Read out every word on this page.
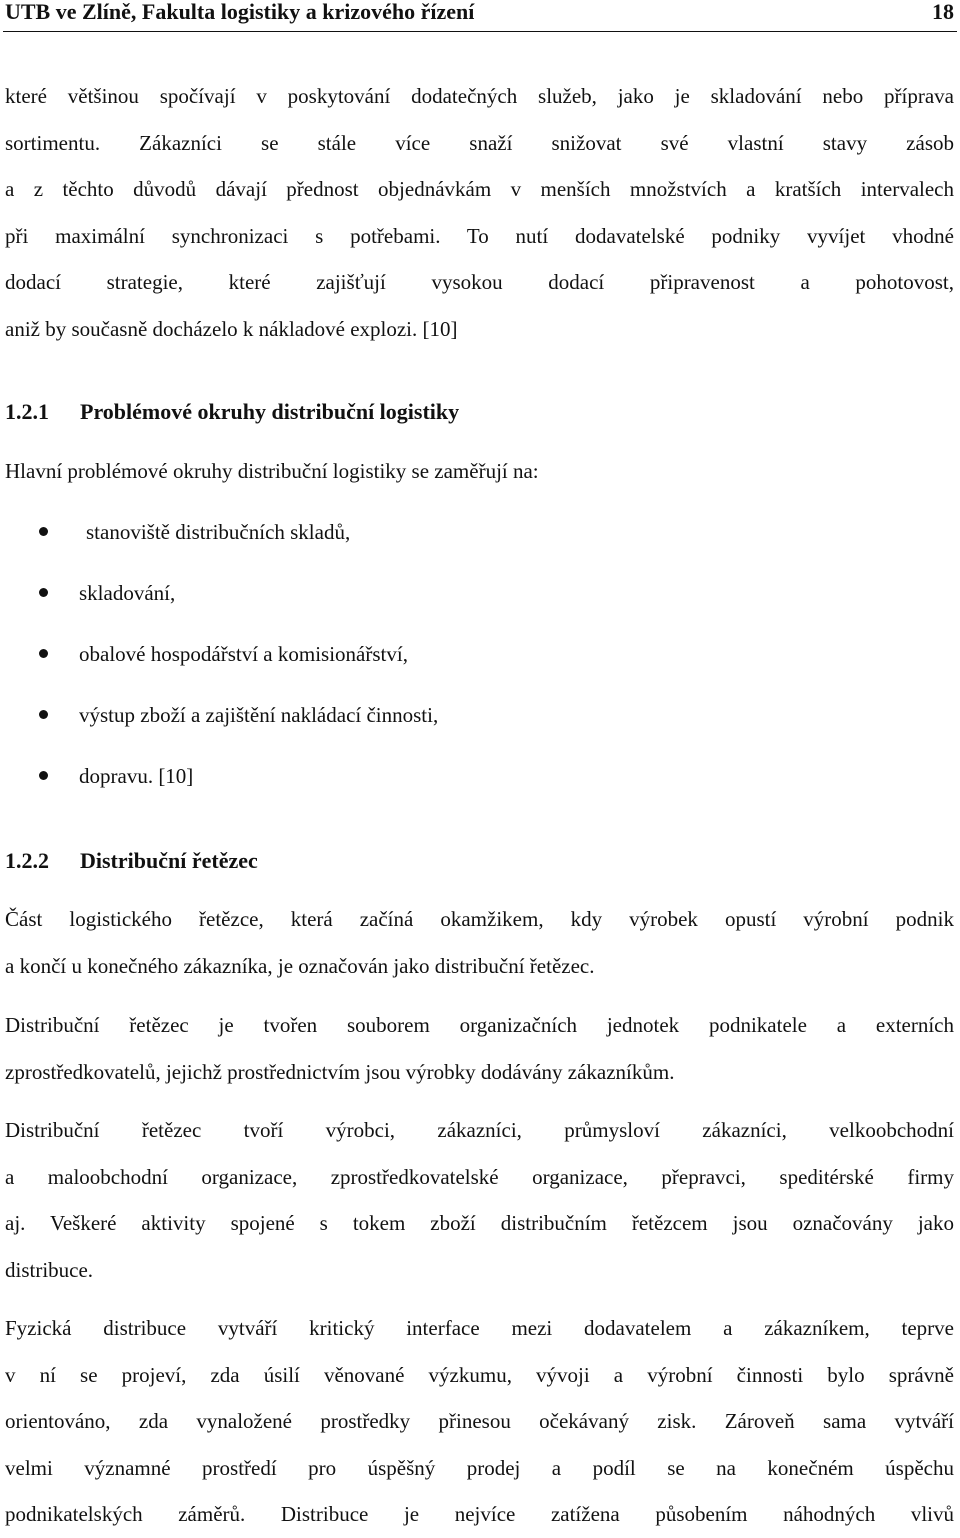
UTB ve Zlíně, Fakulta logistiky a krizového řízení	18
které většinou spočívají v poskytování dodatečných služeb, jako je skladování nebo příprava
sortimentu. Zákazníci se stále více snaží snižovat své vlastní stavy zásob
a z těchto důvodů dávají přednost objednávkám v menších množstvích a kratších intervalech
při maximální synchronizaci s potřebami. To nutí dodavatelské podniky vyvíjet vhodné
dodací strategie, které zajišťují vysokou dodací připravenost a pohotovost,
aniž by současně docházelo k nákladové explozi. [10]
1.2.1 Problémové okruhy distribuční logistiky
Hlavní problémové okruhy distribuční logistiky se zaměřují na:
stanoviště distribučních skladů,
skladování,
obalové hospodářství a komisionářství,
výstup zboží a zajištění nakládací činnosti,
dopravu. [10]
1.2.2 Distribuční řetězec
Část logistického řetězce, která začíná okamžikem, kdy výrobek opustí výrobní podnik
a končí u konečného zákazníka, je označován jako distribuční řetězec.
Distribuční řetězec je tvořen souborem organizačních jednotek podnikatele a externích
zprostředkovatelů, jejichž prostřednictvím jsou výrobky dodávány zákazníkům.
Distribuční řetězec tvoří výrobci, zákazníci, průmysloví zákazníci, velkoobchodní
a maloobchodní organizace, zprostředkovatelské organizace, přepravci, speditérské firmy
aj. Veškeré aktivity spojené s tokem zboží distribučním řetězcem jsou označovány jako
distribuce.
Fyzická distribuce vytváří kritický interface mezi dodavatelem a zákazníkem, teprve
v ní se projeví, zda úsilí věnované výzkumu, vývoji a výrobní činnosti bylo správně
orientováno, zda vynaložené prostředky přinesou očekávaný zisk. Zároveň sama vytváří
velmi významné prostředí pro úspěšný prodej a podíl se na konečném úspěchu
podnikatelských záměrů. Distribuce je nejvíce zatížena působením náhodných vlivů
